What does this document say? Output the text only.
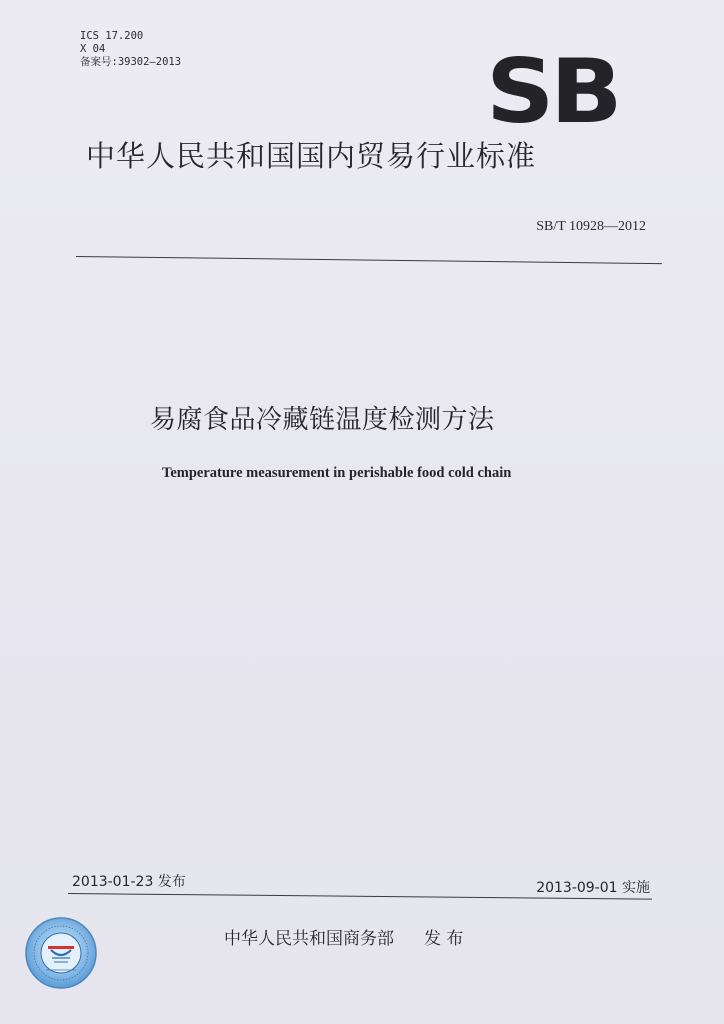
ICS 17.200
X 04
备案号:39302—2013	SB
中华人民共和国国内贸易行业标准
SB/T 10928—2012
易腐食品冷藏链温度检测方法
Temperature measurement in perishable food cold chain
2013-01-23 发布	2013-09-01 实施
中华人民共和国商务部 发 布
